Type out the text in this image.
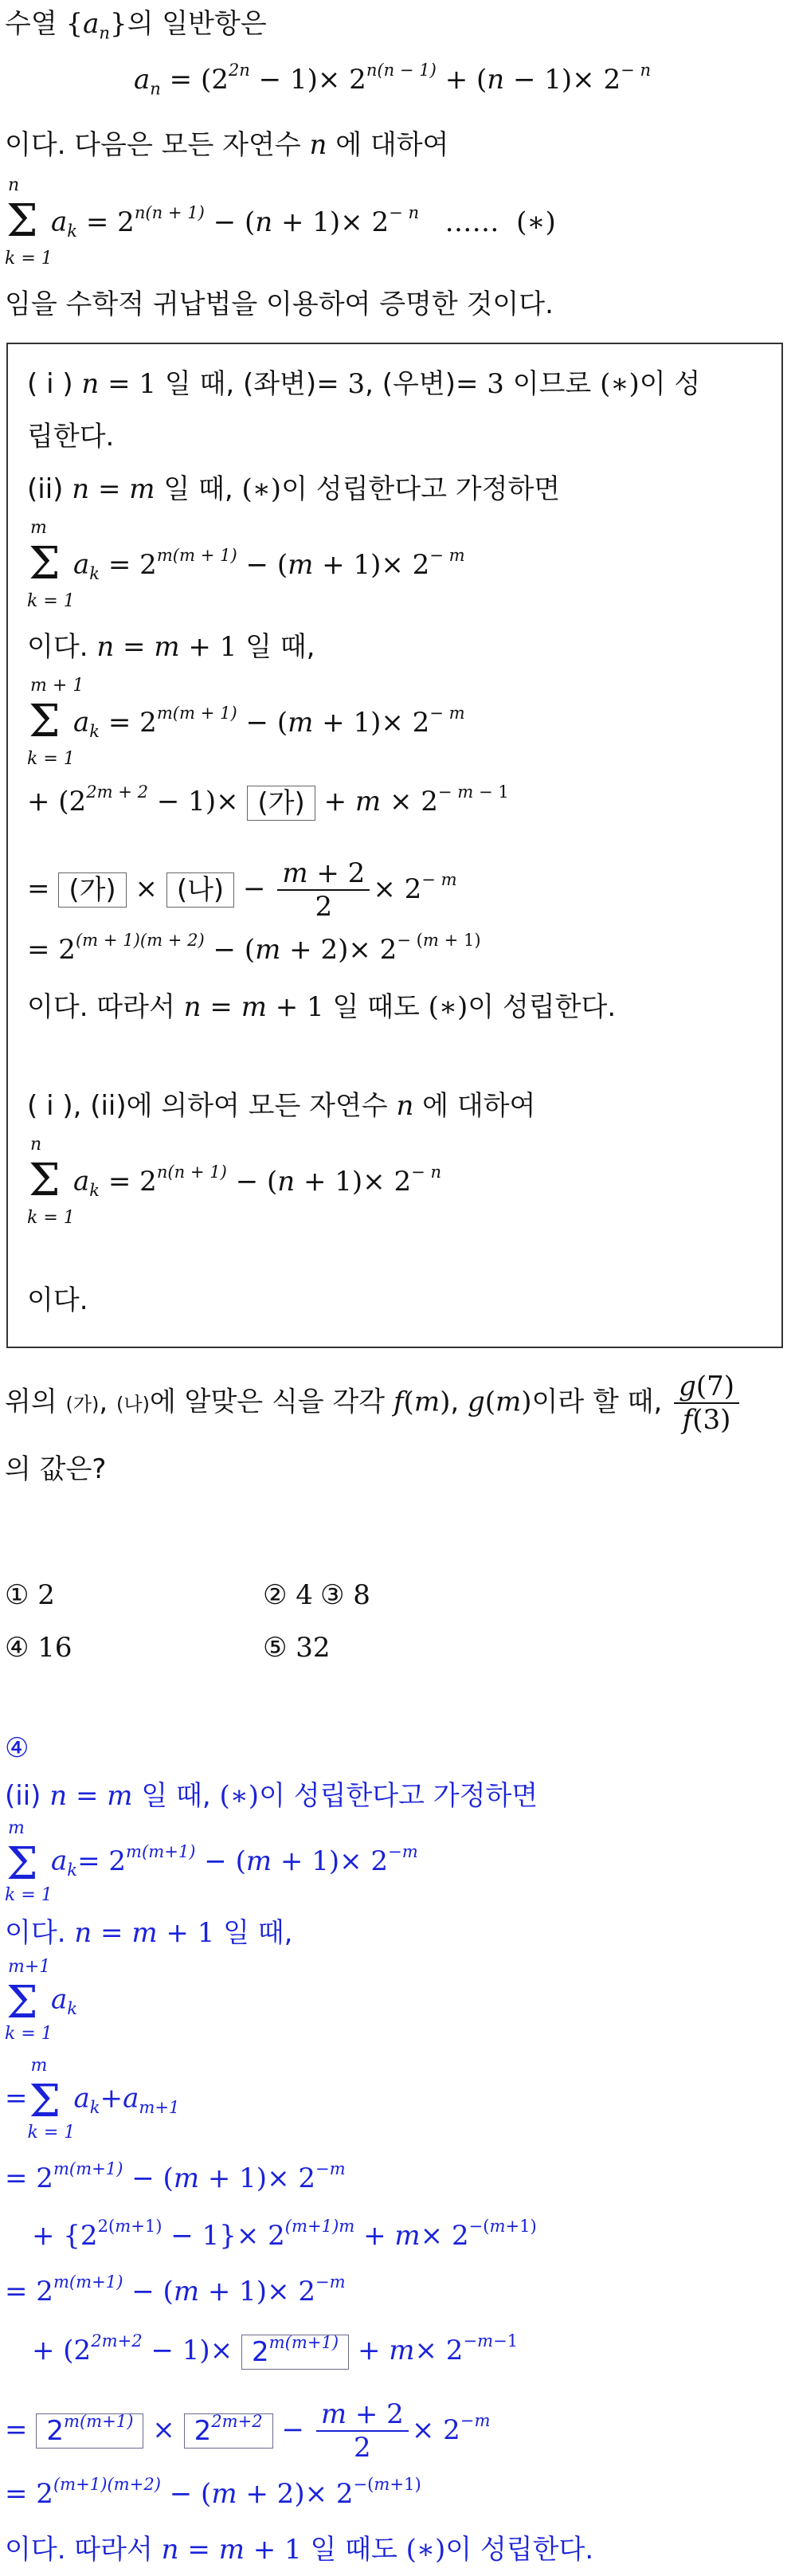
수열 $\{a_n\}$의 일반항은
$a_n = (2^{2n} - 1)\times 2^{n(n - 1)} + (n - 1)\times 2^{- n}$
이다. 다음은 모든 자연수 n 에 대하여
n
Σ
k = 1
$a_k = 2^{n(n + 1)} - (n + 1)\times 2^{- n}$   ……  (∗)
임을 수학적 귀납법을 이용하여 증명한 것이다.
( i ) n = 1 일 때, (좌변)= 3, (우변)= 3 이므로 (∗)이 성
립한다.
(ii) n = m 일 때, (∗)이 성립한다고 가정하면
m
Σ
k = 1
$a_k = 2^{m(m + 1)} - (m + 1)\times 2^{- m}$
이다. n = m + 1 일 때,
m + 1
Σ
k = 1
$a_k = 2^{m(m + 1)} - (m + 1)\times 2^{- m}$
+ $(2^{2m + 2} - 1)\times$ (가) + $m \times 2^{- m - 1}$
= (가) × (나) − $\frac{m + 2}{2} \times 2^{- m}$
= $2^{(m + 1)(m + 2)} - (m + 2)\times 2^{- (m + 1)}$
이다. 따라서 n = m + 1 일 때도 (∗)이 성립한다.
( i ), (ii)에 의하여 모든 자연수 n 에 대하여
n
Σ
k = 1
$a_k = 2^{n(n + 1)} - (n + 1)\times 2^{- n}$
이다.
위의 (가), (나)에 알맞은 식을 각각 f(m), g(m)이라 할 때, $\frac{g(7)}{f(3)}$
의 값은?
① 2	② 4 ③ 8
④ 16	⑤ 32
④
(ii) n = m 일 때, (∗)이 성립한다고 가정하면
m
Σ
k = 1
$a_k= 2^{m(m+1)} - (m + 1)\times 2^{-m}$
이다. n = m + 1 일 때,
m+1
Σ
k = 1
$a_k$
=
m
Σ
k = 1
$a_k+a_{m+1}$
= $2^{m(m+1)} - (m + 1)\times 2^{-m}$
+ $\{2^{2(m+1)} - 1\}\times 2^{(m+1)m} + m\times 2^{-(m+1)}$
= $2^{m(m+1)} - (m + 1)\times 2^{-m}$
+ $(2^{2m+2} - 1)\times 2^{m(m+1)} + m\times 2^{-m-1}$
= $2^{m(m+1)} \times 2^{2m+2} - \frac{m + 2}{2} \times 2^{-m}$
= $2^{(m+1)(m+2)} - (m + 2)\times 2^{-(m+1)}$
이다. 따라서 n = m + 1 일 때도 (∗)이 성립한다.
